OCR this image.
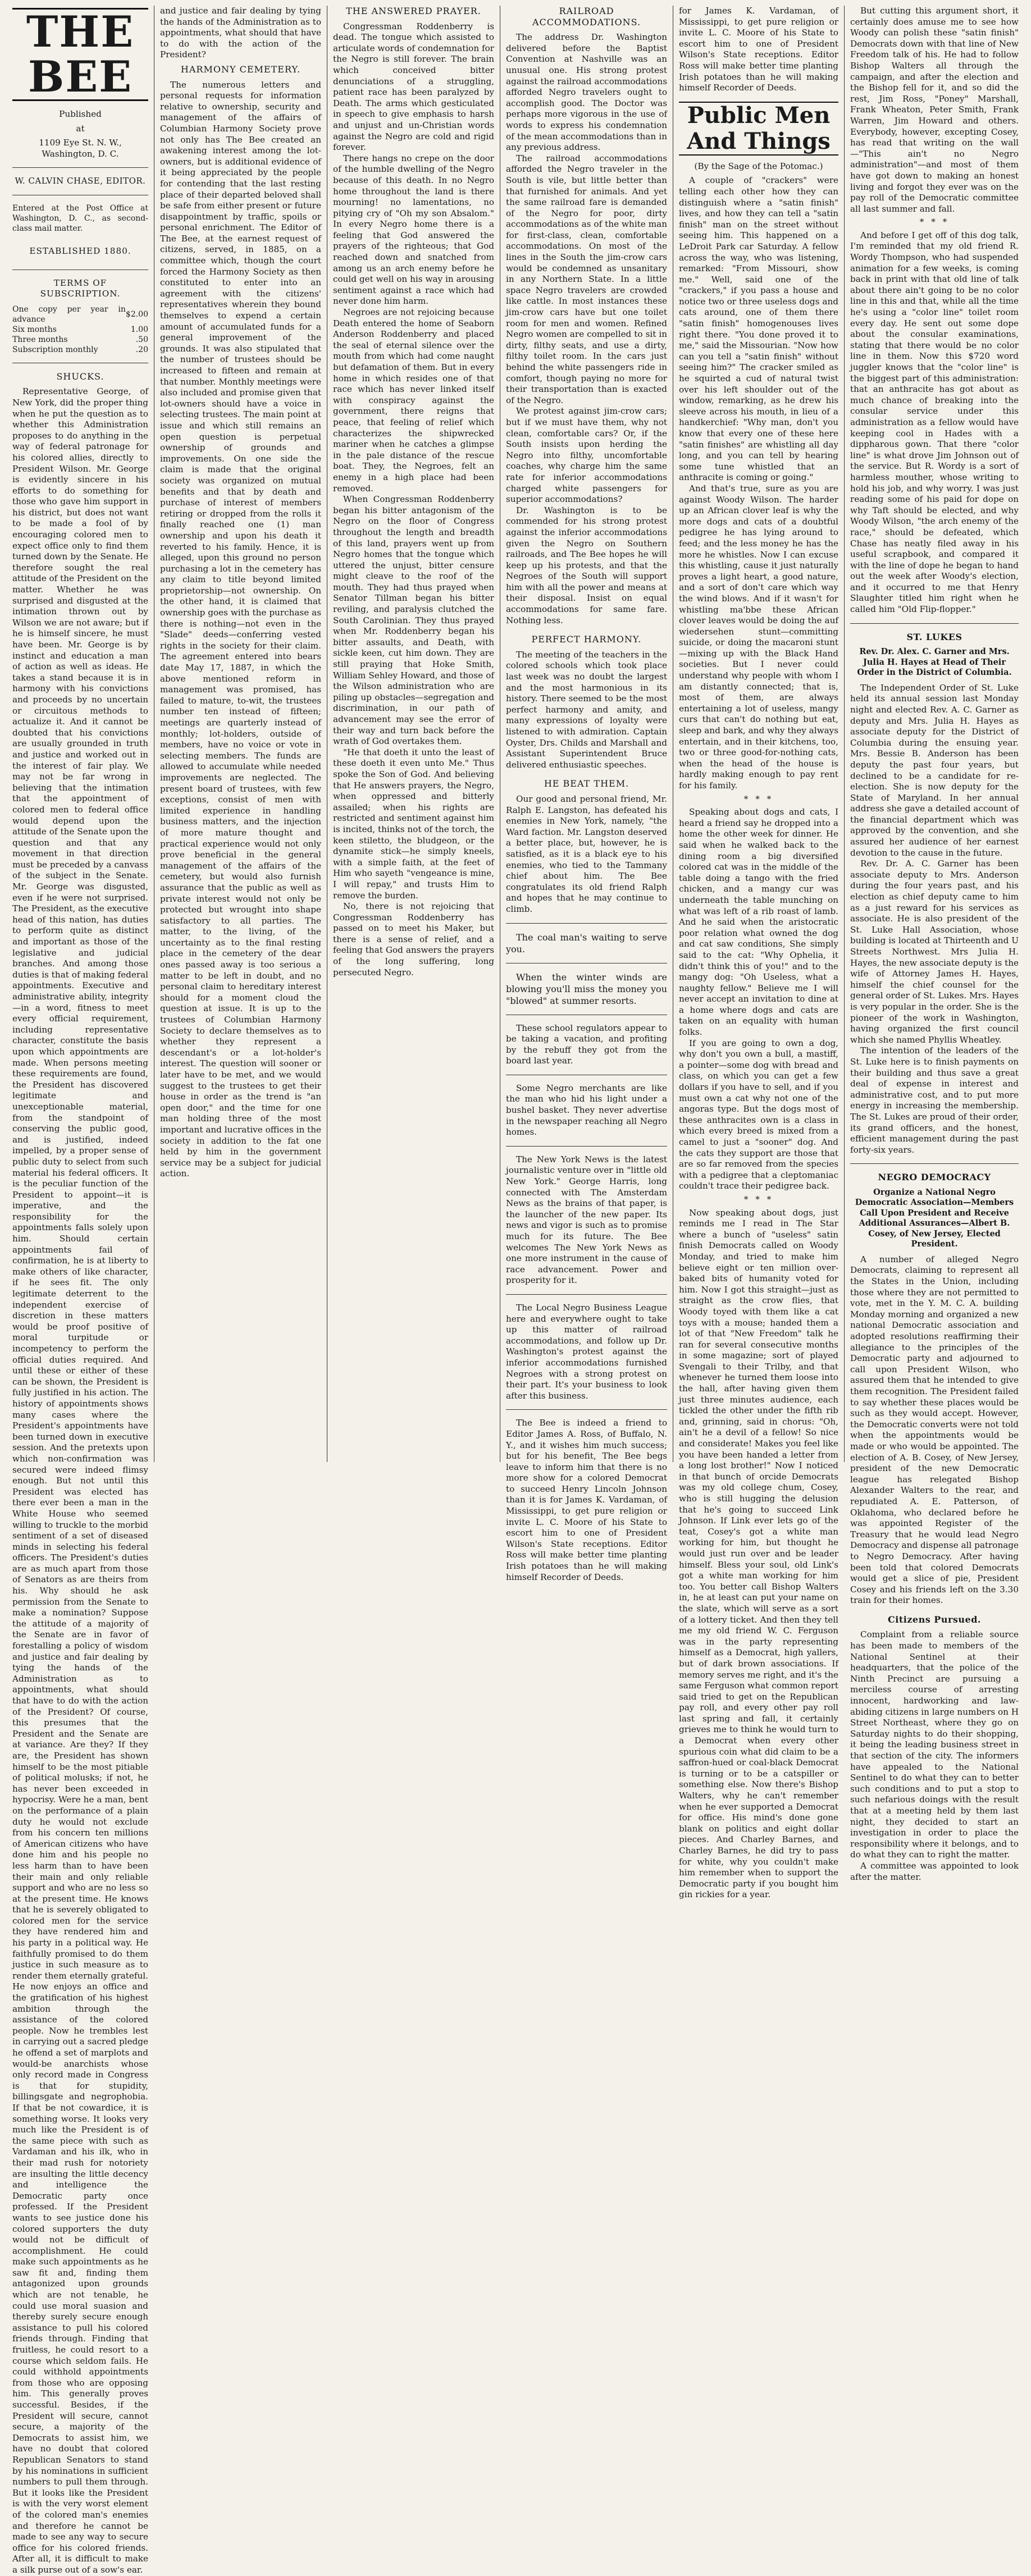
THE BEE
Published
at
1109 Eye St. N. W., Washington, D. C.
W. CALVIN CHASE, EDITOR.
Entered at the Post Office at Washington, D. C., as second-class mail matter.
ESTABLISHED 1880.
TERMS OF SUBSCRIPTION.
One copy per year in advance	$2.00
Six months	1.00
Three months	.50
Subscription monthly	.20
SHUCKS.

Representative George, of New York, did the proper thing when he put the question as to whether this Administration proposes to do anything in the way of federal patronage for his colored allies, directly to President Wilson. Mr. George is evidently sincere in his efforts to do something for those who gave him support in his district, but does not want to be made a fool of by encouraging colored men to expect office only to find them turned down by the Senate. He therefore sought the real attitude of the President on the matter. Whether he was surprised and disgusted at the intimation thrown out by Wilson we are not aware; but if he is himself sincere, he must have been. Mr. George is by instinct and education a man of action as well as ideas. He takes a stand because it is in harmony with his convictions and proceeds by no uncertain or circuitous methods to actualize it. And it cannot be doubted that his convictions are usually grounded in truth and justice and worked out in the interest of fair play. We may not be far wrong in believing that the intimation that the appointment of colored men to federal office would depend upon the attitude of the Senate upon the question and that any movement in that direction must be preceded by a canvass of the subject in the Senate. Mr. George was disgusted, even if he were not surprised. The President, as the executive head of this nation, has duties to perform quite as distinct and important as those of the legislative and judicial branches. And among those duties is that of making federal appointments. Executive and administrative ability, integrity—in a word, fitness to meet every official requirement, including representative character, constitute the basis upon which appointments are made. When persons meeting these requirements are found, the President has discovered legitimate and unexceptionable material, from the standpoint of conserving the public good, and is justified, indeed impelled, by a proper sense of public duty to select from such material his federal officers. It is the peculiar function of the President to appoint—it is imperative, and the responsibility for the appointments falls solely upon him. Should certain appointments fail of confirmation, he is at liberty to make others of like character, if he sees fit. The only legitimate deterrent to the independent exercise of discretion in these matters would be proof positive of moral turpitude or incompetency to perform the official duties required. And until these or either of these can be shown, the President is fully justified in his action. The history of appointments shows many cases where the President's appointments have been turned down in executive session. And the pretexts upon which non-confirmation was secured were indeed flimsy enough. But not until this President was elected has there ever been a man in the White House who seemed willing to truckle to the morbid sentiment of a set of diseased minds in selecting his federal officers. The President's duties are as much apart from those of Senators as are theirs from his. Why should he ask permission from the Senate to make a nomination? Suppose the attitude of a majority of the Senate are in favor of forestalling a policy of wisdom and justice and fair dealing by tying the hands of the Administration as to appointments, what should that have to do with the action of the President? Of course, this presumes that the President and the Senate are at variance. Are they? If they are, the President has shown himself to be the most pitiable of political molusks; if not, he has never been exceeded in hypocrisy. Were he a man, bent on the performance of a plain duty he would not exclude from his concern ten millions of American citizens who have done him and his people no less harm than to have been their main and only reliable support and who are no less so at the present time. He knows that he is severely obligated to colored men for the service they have rendered him and his party in a political way. He faithfully promised to do them justice in such measure as to render them eternally grateful. He now enjoys an office and the gratification of his highest ambition through the assistance of the colored people. Now he trembles lest in carrying out a sacred pledge he offend a set of marplots and would-be anarchists whose only record made in Congress is that for stupidity, billingsgate and negrophobia. If that be not cowardice, it is something worse. It looks very much like the President is of the same piece with such as Vardaman and his ilk, who in their mad rush for notoriety are insulting the little decency and intelligence the Democratic party once professed. If the President wants to see justice done his colored supporters the duty would not be difficult of accomplishment. He could make such appointments as he saw fit and, finding them antagonized upon grounds which are not tenable, he could use moral suasion and thereby surely secure enough assistance to pull his colored friends through. Finding that fruitless, he could resort to a course which seldom fails. He could withhold appointments from those who are opposing him. This generally proves successful. Besides, if the President will secure, cannot secure, a majority of the Democrats to assist him, we have no doubt that colored Republican Senators to stand by his nominations in sufficient numbers to pull them through. But it looks like the President is with the very worst element of the colored man's enemies and therefore he cannot be made to see any way to secure office for his colored friends. After all, it is difficult to make a silk purse out of a sow's ear.

and justice and fair dealing by tying the hands of the Administration as to appointments, what should that have to do with the action of the President?

HARMONY CEMETERY.

The numerous letters and personal requests for information relative to ownership, security and management of the affairs of Columbian Harmony Society prove not only has The Bee created an awakening interest among the lot-owners, but is additional evidence of it being appreciated by the people for contending that the last resting place of their departed beloved shall be safe from either present or future disappointment by traffic, spoils or personal enrichment. The Editor of The Bee, at the earnest request of citizens, served, in 1885, on a committee which, though the court forced the Harmony Society as then constituted to enter into an agreement with the citizens' representatives wherein they bound themselves to expend a certain amount of accumulated funds for a general improvement of the grounds. It was also stipulated that the number of trustees should be increased to fifteen and remain at that number. Monthly meetings were also included and promise given that lot-owners should have a voice in selecting trustees. The main point at issue and which still remains an open question is perpetual ownership of grounds and improvements. On one side the claim is made that the original society was organized on mutual benefits and that by death and purchase of interest of members retiring or dropped from the rolls it finally reached one (1) man ownership and upon his death it reverted to his family. Hence, it is alleged, upon this ground no person purchasing a lot in the cemetery has any claim to title beyond limited proprietorship—not ownership. On the other hand, it is claimed that ownership goes with the purchase as there is nothing—not even in the "Slade" deeds—conferring vested rights in the society for their claim. The agreement entered into bears date May 17, 1887, in which the above mentioned reform in management was promised, has failed to mature, to-wit, the trustees number ten instead of fifteen; meetings are quarterly instead of monthly; lot-holders, outside of members, have no voice or vote in selecting members. The funds are allowed to accumulate while needed improvements are neglected. The present board of trustees, with few exceptions, consist of men with limited experience in handling business matters, and the injection of more mature thought and practical experience would not only prove beneficial in the general management of the affairs of the cemetery, but would also furnish assurance that the public as well as private interest would not only be protected but wrought into shape satisfactory to all parties. The matter, to the living, of the uncertainty as to the final resting place in the cemetery of the dear ones passed away is too serious a matter to be left in doubt, and no personal claim to hereditary interest should for a moment cloud the question at issue. It is up to the trustees of Columbian Harmony Society to declare themselves as to whether they represent a descendant's or a lot-holder's interest. The question will sooner or later have to be met, and we would suggest to the trustees to get their house in order as the trend is "an open door," and the time for one man holding three of the most important and lucrative offices in the society in addition to the fat one held by him in the government service may be a subject for judicial action.

THE ANSWERED PRAYER.

Congressman Roddenberry is dead. The tongue which assisted to articulate words of condemnation for the Negro is still forever. The brain which conceived bitter denunciations of a struggling, patient race has been paralyzed by Death. The arms which gesticulated in speech to give emphasis to harsh and unjust and un-Christian words against the Negro are cold and rigid forever.

There hangs no crepe on the door of the humble dwelling of the Negro because of this death. In no Negro home throughout the land is there mourning! no lamentations, no pitying cry of "Oh my son Absalom." In every Negro home there is a feeling that God answered the prayers of the righteous; that God reached down and snatched from among us an arch enemy before he could get well on his way in arousing sentiment against a race which had never done him harm.

Negroes are not rejoicing because Death entered the home of Seaborn Anderson Roddenberry and placed the seal of eternal silence over the mouth from which had come naught but defamation of them. But in every home in which resides one of that race which has never linked itself with conspiracy against the government, there reigns that peace, that feeling of relief which characterizes the shipwrecked mariner when he catches a glimpse in the pale distance of the rescue boat. They, the Negroes, felt an enemy in a high place had been removed.

When Congressman Roddenberry began his bitter antagonism of the Negro on the floor of Congress throughout the length and breadth of this land, prayers went up from Negro homes that the tongue which uttered the unjust, bitter censure might cleave to the roof of the mouth. They had thus prayed when Senator Tillman began his bitter reviling, and paralysis clutched the South Carolinian. They thus prayed when Mr. Roddenberry began his bitter assaults, and Death, with sickle keen, cut him down. They are still praying that Hoke Smith, William Sehley Howard, and those of the Wilson administration who are piling up obstacles—segregation and discrimination, in our path of advancement may see the error of their way and turn back before the wrath of God overtakes them.

"He that doeth it unto the least of these doeth it even unto Me." Thus spoke the Son of God. And believing that He answers prayers, the Negro, when oppressed and bitterly assailed; when his rights are restricted and sentiment against him is incited, thinks not of the torch, the keen stiletto, the bludgeon, or the dynamite stick—he simply kneels, with a simple faith, at the feet of Him who sayeth "vengeance is mine, I will repay," and trusts Him to remove the burden.

No, there is not rejoicing that Congressman Roddenberry has passed on to meet his Maker, but there is a sense of relief, and a feeling that God answers the prayers of the long suffering, long persecuted Negro.

RAILROAD ACCOMMODATIONS.

The address Dr. Washington delivered before the Baptist Convention at Nashville was an unusual one. His strong protest against the railroad accommodations afforded Negro travelers ought to accomplish good. The Doctor was perhaps more vigorous in the use of words to express his condemnation of the mean accommodations than in any previous address.

The railroad accommodations afforded the Negro traveler in the South is vile, but little better than that furnished for animals. And yet the same railroad fare is demanded of the Negro for poor, dirty accommodations as of the white man for first-class, clean, comfortable accommodations. On most of the lines in the South the jim-crow cars would be condemned as unsanitary in any Northern State. In a little space Negro travelers are crowded like cattle. In most instances these jim-crow cars have but one toilet room for men and women. Refined Negro women are compelled to sit in dirty, filthy seats, and use a dirty, filthy toilet room. In the cars just behind the white passengers ride in comfort, though paying no more for their transportation than is exacted of the Negro.

We protest against jim-crow cars; but if we must have them, why not clean, comfortable cars? Or, if the South insists upon herding the Negro into filthy, uncomfortable coaches, why charge him the same rate for inferior accommodations charged white passengers for superior accommodations?

Dr. Washington is to be commended for his strong protest against the inferior accommodations given the Negro on Southern railroads, and The Bee hopes he will keep up his protests, and that the Negroes of the South will support him with all the power and means at their disposal. Insist on equal accommodations for same fare. Nothing less.

PERFECT HARMONY.

The meeting of the teachers in the colored schools which took place last week was no doubt the largest and the most harmonious in its history. There seemed to be the most perfect harmony and amity, and many expressions of loyalty were listened to with admiration. Captain Oyster, Drs. Childs and Marshall and Assistant Superintendent Bruce delivered enthusiastic speeches.

HE BEAT THEM.

Our good and personal friend, Mr. Ralph E. Langston, has defeated his enemies in New York, namely, "the Ward faction. Mr. Langston deserved a better place, but, however, he is satisfied, as it is a black eye to his enemies, who tied to the Tammany chief about him. The Bee congratulates its old friend Ralph and hopes that he may continue to climb.

The coal man's waiting to serve you.

When the winter winds are blowing you'll miss the money you "blowed" at summer resorts.

These school regulators appear to be taking a vacation, and profiting by the rebuff they got from the board last year.

Some Negro merchants are like the man who hid his light under a bushel basket. They never advertise in the newspaper reaching all Negro homes.

The New York News is the latest journalistic venture over in "little old New York." George Harris, long connected with The Amsterdam News as the brains of that paper, is the launcher of the new paper. Its news and vigor is such as to promise much for its future. The Bee welcomes The New York News as one more instrument in the cause of race advancement. Power and prosperity for it.

The Local Negro Business League here and everywhere ought to take up this matter of railroad accommodations, and follow up Dr. Washington's protest against the inferior accommodations furnished Negroes with a strong protest on their part. It's your business to look after this business.

The Bee is indeed a friend to Editor James A. Ross, of Buffalo, N. Y., and it wishes him much success; but for his benefit, The Bee begs leave to inform him that there is no more show for a colored Democrat to succeed Henry Lincoln Johnson than it is for James K. Vardaman, of Mississippi, to get pure religion or invite L. C. Moore of his State to escort him to one of President Wilson's State receptions. Editor Ross will make better time planting Irish potatoes than he will making himself Recorder of Deeds.

for James K. Vardaman, of Mississippi, to get pure religion or invite L. C. Moore of his State to escort him to one of President Wilson's State receptions. Editor Ross will make better time planting Irish potatoes than he will making himself Recorder of Deeds.

Public Men And Things
(By the Sage of the Potomac.)

A couple of "crackers" were telling each other how they can distinguish where a "satin finish" lives, and how they can tell a "satin finish" man on the street without seeing him. This happened on a LeDroit Park car Saturday. A fellow across the way, who was listening, remarked: "From Missouri, show me." Well, said one of the "crackers," if you pass a house and notice two or three useless dogs and cats around, one of them there "satin finish" homogenouses lives right there. "You done proved it to me," said the Missourian. "Now how can you tell a "satin finish" without seeing him?" The cracker smiled as he squirted a cud of natural twist over his left shoulder out of the window, remarking, as he drew his sleeve across his mouth, in lieu of a handkerchief: "Why man, don't you know that every one of these here "satin finishes" are whistling all day long, and you can tell by hearing some tune whistled that an anthracite is coming or going."

And that's true, sure as you are against Woody Wilson. The harder up an African clover leaf is why the more dogs and cats of a doubtful pedigree he has lying around to feed; and the less money he has the more he whistles. Now I can excuse this whistling, cause it just naturally proves a light heart, a good nature, and a sort of don't care which way the wind blows. And if it wasn't for whistling ma'bbe these African clover leaves would be doing the auf wiedersehen stunt—committing suicide, or doing the macaroni stunt—mixing up with the Black Hand societies. But I never could understand why people with whom I am distantly connected; that is, most of them, are always entertaining a lot of useless, mangy curs that can't do nothing but eat, sleep and bark, and why they always entertain, and in their kitchens, too, two or three good-for-nothing cats, when the head of the house is hardly making enough to pay rent for his family.

* * *

Speaking about dogs and cats, I heard a friend say he dropped into a home the other week for dinner. He said when he walked back to the dining room a big diversified colored cat was in the middle of the table doing a tango with the fried chicken, and a mangy cur was underneath the table munching on what was left of a rib roast of lamb. And he said when the aristocratic poor relation what owned the dog and cat saw conditions, She simply said to the cat: "Why Ophelia, it didn't think this of you!" and to the mangy dog: "Oh Useless, what a naughty fellow." Believe me I will never accept an invitation to dine at a home where dogs and cats are taken on an equality with human folks.

If you are going to own a dog, why don't you own a bull, a mastiff, a pointer—some dog with bread and class, on which you can get a few dollars if you have to sell, and if you must own a cat why not one of the angoras type. But the dogs most of these anthracites own is a class in which every breed is mixed from a camel to just a "sooner" dog. And the cats they support are those that are so far removed from the species with a pedigree that a cleptomaniac couldn't trace their pedigree back.

* * *

Now speaking about dogs, just reminds me I read in The Star where a bunch of "useless" satin finish Democrats called on Woody Monday, and tried to make him believe eight or ten million over-baked bits of humanity voted for him. Now I got this straight—just as straight as the crow flies, that Woody toyed with them like a cat toys with a mouse; handed them a lot of that "New Freedom" talk he ran for several consecutive months in some magazine; sort of played Svengali to their Trilby, and that whenever he turned them loose into the hall, after having given them just three minutes audience, each tickled the other under the fifth rib and, grinning, said in chorus: "Oh, ain't he a devil of a fellow! So nice and considerate! Makes you feel like you have been handed a letter from a long lost brother!" Now I noticed in that bunch of orcide Democrats was my old college chum, Cosey, who is still hugging the delusion that he's going to succeed Link Johnson. If Link ever lets go of the teat, Cosey's got a white man working for him, but thought he would just run over and be leader himself. Bless your soul, old Link's got a white man working for him too. You better call Bishop Walters in, he at least can put your name on the slate, which will serve as a sort of a lottery ticket. And then they tell me my old friend W. C. Ferguson was in the party representing himself as a Democrat, high yallers, but of dark brown associations. If memory serves me right, and it's the same Ferguson what common report said tried to get on the Republican pay roll, and every other pay roll last spring and fall, it certainly grieves me to think he would turn to a Democrat when every other spurious coin what did claim to be a saffron-hued or coal-black Democrat is turning or to be a catspiller or something else. Now there's Bishop Walters, why he can't remember when he ever supported a Democrat for office. His mind's done gone blank on politics and eight dollar pieces. And Charley Barnes, and Charley Barnes, he did try to pass for white, why you couldn't make him remember when to support the Democratic party if you bought him gin rickies for a year.

But cutting this argument short, it certainly does amuse me to see how Woody can polish these "satin finish" Democrats down with that line of New Freedom talk of his. He had to follow Bishop Walters all through the campaign, and after the election and the Bishop fell for it, and so did the rest, Jim Ross, "Poney" Marshall, Frank Wheaton, Peter Smith, Frank Warren, Jim Howard and others. Everybody, however, excepting Cosey, has read that writing on the wall—"This ain't no Negro administration"—and most of them have got down to making an honest living and forgot they ever was on the pay roll of the Democratic committee all last summer and fall.

* * *

And before I get off of this dog talk, I'm reminded that my old friend R. Wordy Thompson, who had suspended animation for a few weeks, is coming back in print with that old line of talk about there ain't going to be no color line in this and that, while all the time he's using a "color line" toilet room every day. He sent out some dope about the consular examinations, stating that there would be no color line in them. Now this $720 word juggler knows that the "color line" is the biggest part of this administration: that an anthracite has got about as much chance of breaking into the consular service under this administration as a fellow would have keeping cool in Hades with a dippharous gown. That there "color line" is what drove Jim Johnson out of the service. But R. Wordy is a sort of harmless mouther, whose writing to hold his job, and why worry. I was just reading some of his paid for dope on why Taft should be elected, and why Woody Wilson, "the arch enemy of the race," should be defeated, which Chase has neatly filed away in his useful scrapbook, and compared it with the line of dope he began to hand out the week after Woody's election, and it occurred to me that Henry Slaughter titled him right when he called him "Old Flip-flopper."

ST. LUKES
Rev. Dr. Alex. C. Garner and Mrs. Julia H. Hayes at Head of Their Order in the District of Columbia.

The Independent Order of St. Luke held its annual session last Monday night and elected Rev. A. C. Garner as deputy and Mrs. Julia H. Hayes as associate deputy for the District of Columbia during the ensuing year. Mrs. Bessie B. Anderson has been deputy the past four years, but declined to be a candidate for re-election. She is now deputy for the State of Maryland. In her annual address she gave a detailed account of the financial department which was approved by the convention, and she assured her audience of her earnest devotion to the cause in the future.

Rev. Dr. A. C. Garner has been associate deputy to Mrs. Anderson during the four years past, and his election as chief deputy came to him as a just reward for his services as associate. He is also president of the St. Luke Hall Association, whose building is located at Thirteenth and U Streets Northwest. Mrs Julia H. Hayes, the new associate deputy is the wife of Attorney James H. Hayes, himself the chief counsel for the general order of St. Lukes. Mrs. Hayes is very popular in the order. She is the pioneer of the work in Washington, having organized the first council which she named Phyllis Wheatley.

The intention of the leaders of the St. Luke here is to finish payments on their building and thus save a great deal of expense in interest and administrative cost, and to put more energy in increasing the membership. The St. Lukes are proud of their order, its grand officers, and the honest, efficient management during the past forty-six years.

NEGRO DEMOCRACY
Organize a National Negro Democratic Association—Members Call Upon President and Receive Additional Assurances—Albert B. Cosey, of New Jersey, Elected President.

A number of alleged Negro Democrats, claiming to represent all the States in the Union, including those where they are not permitted to vote, met in the Y. M. C. A. building Monday morning and organized a new national Democratic association and adopted resolutions reaffirming their allegiance to the principles of the Democratic party and adjourned to call upon President Wilson, who assured them that he intended to give them recognition. The President failed to say whether these places would be such as they would accept. However, the Democratic converts were not told when the appointments would be made or who would be appointed. The election of A. B. Cosey, of New Jersey, president of the new Democratic league has relegated Bishop Alexander Walters to the rear, and repudiated A. E. Patterson, of Oklahoma, who declared before he was appointed Register of the Treasury that he would lead Negro Democracy and dispense all patronage to Negro Democracy. After having been told that colored Democrats would get a slice of pie, President Cosey and his friends left on the 3.30 train for their homes.

Citizens Pursued.

Complaint from a reliable source has been made to members of the National Sentinel at their headquarters, that the police of the Ninth Precinct are pursuing a merciless course of arresting innocent, hardworking and law-abiding citizens in large numbers on H Street Northeast, where they go on Saturday nights to do their shopping, it being the leading business street in that section of the city. The informers have appealed to the National Sentinel to do what they can to better such conditions and to put a stop to such nefarious doings with the result that at a meeting held by them last night, they decided to start an investigation in order to place the responsibility where it belongs, and to do what they can to right the matter.

A committee was appointed to look after the matter.
